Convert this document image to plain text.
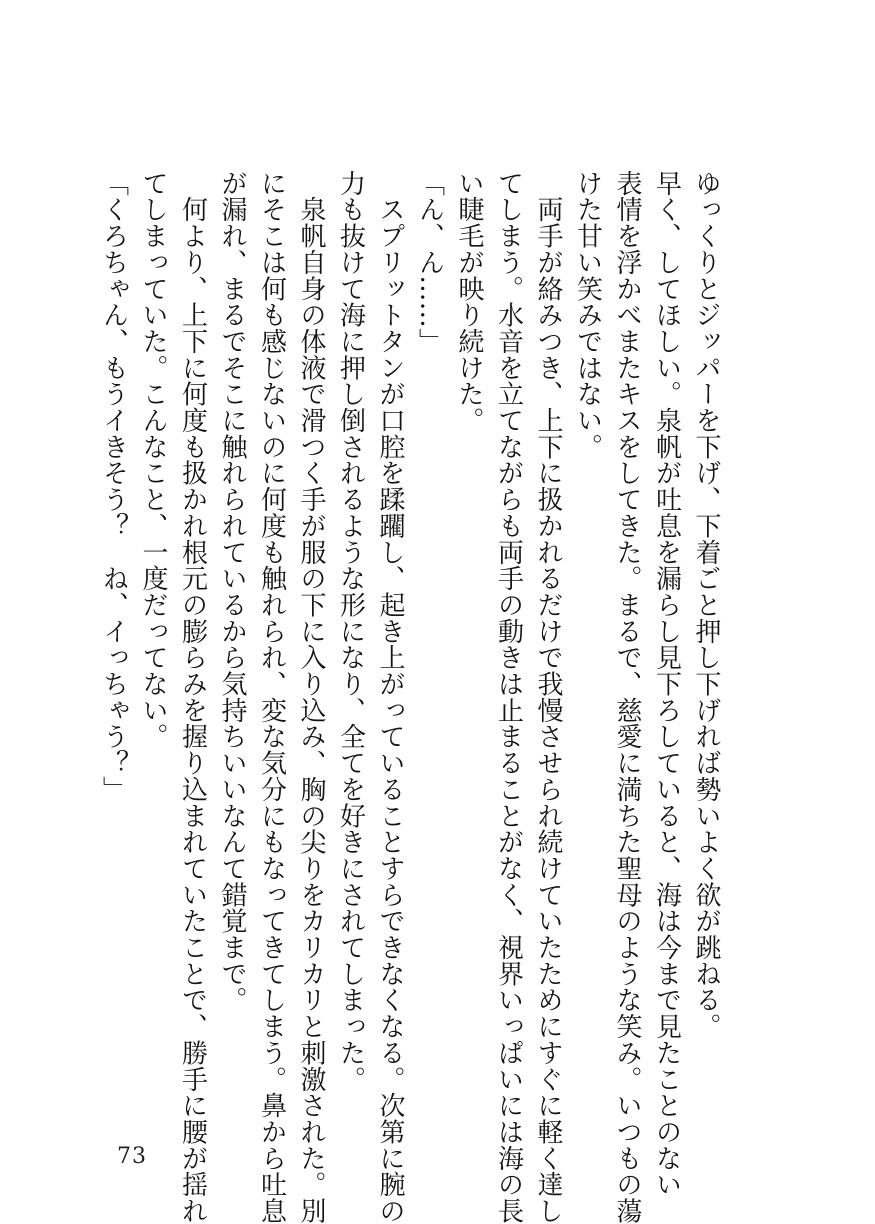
ゆっくりとジッパーを下げ、下着ごと押し下げれば勢いよく欲が跳ねる。

早く、してほしい。泉帆が吐息を漏らし見下ろしていると、海は今まで見たことのない

表情を浮かべまたキスをしてきた。まるで、慈愛に満ちた聖母のような笑み。いつもの蕩

けた甘い笑みではない。

　両手が絡みつき、上下に扱かれるだけで我慢させられ続けていたためにすぐに軽く達し

てしまう。水音を立てながらも両手の動きは止まることがなく、視界いっぱいには海の長

い睫毛が映り続けた。

「ん、ん……」

　スプリットタンが口腔を蹂躙し、起き上がっていることすらできなくなる。次第に腕の

力も抜けて海に押し倒されるような形になり、全てを好きにされてしまった。

　泉帆自身の体液で滑つく手が服の下に入り込み、胸の尖りをカリカリと刺激された。別

にそこは何も感じないのに何度も触れられ、変な気分にもなってきてしまう。鼻から吐息

が漏れ、まるでそこに触れられているから気持ちいいなんて錯覚まで。

　何より、上下に何度も扱かれ根元の膨らみを握り込まれていたことで、勝手に腰が揺れ

てしまっていた。こんなこと、一度だってない。

「くろちゃん、もうイきそう？　ね、イっちゃう？」

73
